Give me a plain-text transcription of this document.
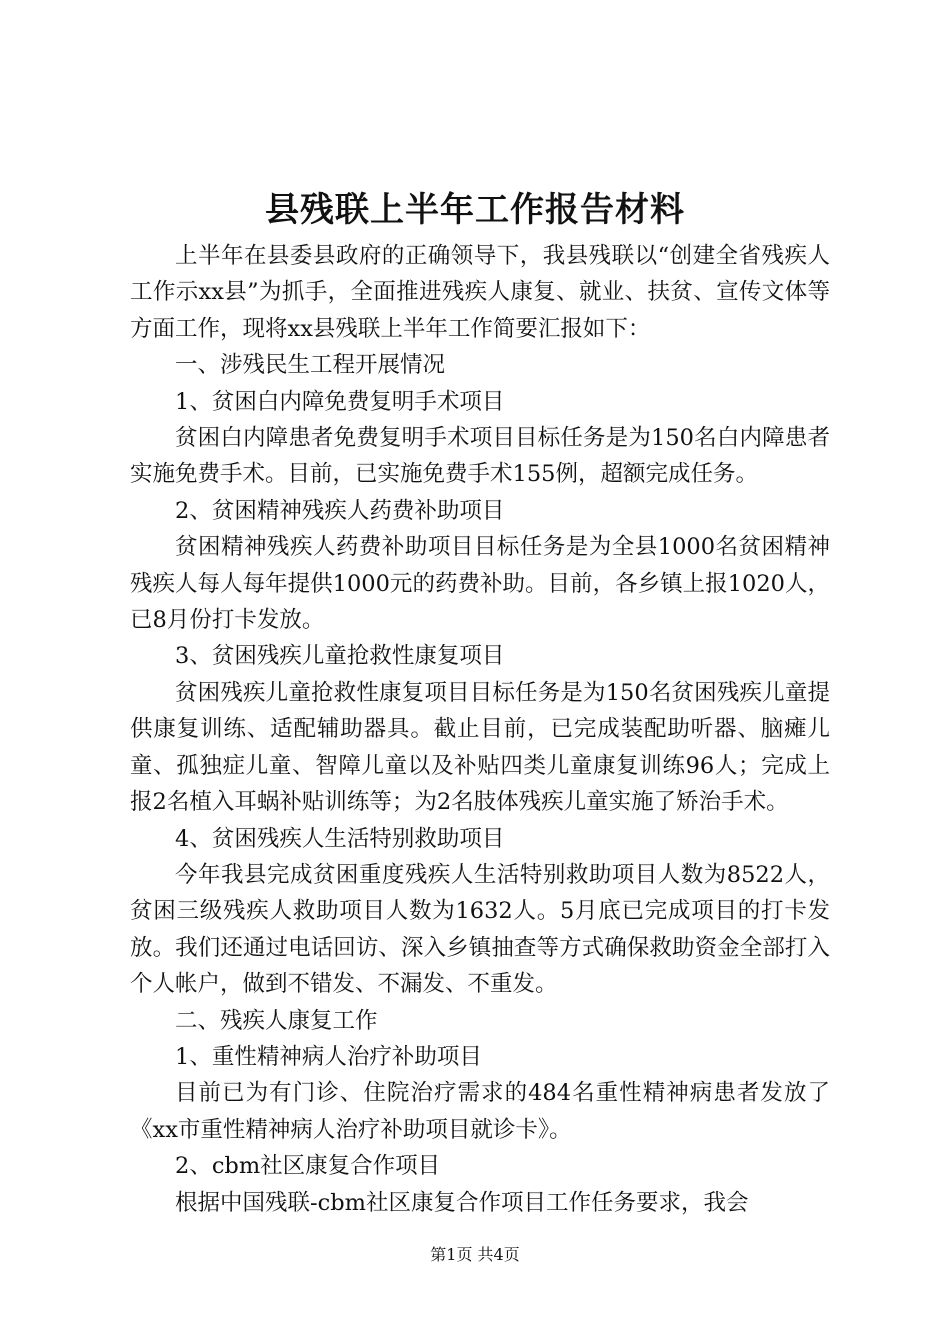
县残联上半年工作报告材料

上半年在县委县政府的正确领导下，我县残联以“创建全省残疾人工作示xx县”为抓手，全面推进残疾人康复、就业、扶贫、宣传文体等方面工作，现将xx县残联上半年工作简要汇报如下：

一、涉残民生工程开展情况

1、贫困白内障免费复明手术项目

贫困白内障患者免费复明手术项目目标任务是为150名白内障患者实施免费手术。目前，已实施免费手术155例，超额完成任务。

2、贫困精神残疾人药费补助项目

贫困精神残疾人药费补助项目目标任务是为全县1000名贫困精神残疾人每人每年提供1000元的药费补助。目前，各乡镇上报1020人，已8月份打卡发放。

3、贫困残疾儿童抢救性康复项目

贫困残疾儿童抢救性康复项目目标任务是为150名贫困残疾儿童提供康复训练、适配辅助器具。截止目前，已完成装配助听器、脑瘫儿童、孤独症儿童、智障儿童以及补贴四类儿童康复训练96人；完成上报2名植入耳蜗补贴训练等；为2名肢体残疾儿童实施了矫治手术。

4、贫困残疾人生活特别救助项目

今年我县完成贫困重度残疾人生活特别救助项目人数为8522人，贫困三级残疾人救助项目人数为1632人。5月底已完成项目的打卡发放。我们还通过电话回访、深入乡镇抽查等方式确保救助资金全部打入个人帐户，做到不错发、不漏发、不重发。

二、残疾人康复工作

1、重性精神病人治疗补助项目

目前已为有门诊、住院治疗需求的484名重性精神病患者发放了《xx市重性精神病人治疗补助项目就诊卡》。

2、cbm社区康复合作项目

根据中国残联-cbm社区康复合作项目工作任务要求，我会

第1页 共4页
